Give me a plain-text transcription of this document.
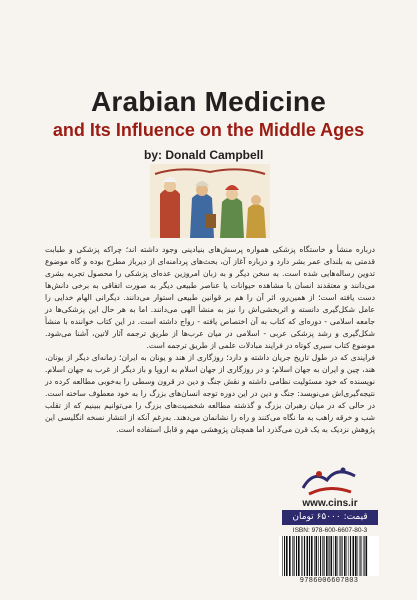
Arabian Medicine
and Its Influence on the Middle Ages
by: Donald Campbell

درباره منشأ و خاستگاه پزشکی همواره پرسش‌های بنیادینی وجود داشته‌ اند؛ چراکه پزشکی و طبابت قدمتی به بلندای عمر بشر دارد و درباره آغاز آن، بحث‌های پردامنه‌ای از دیرباز مطرح بوده و گاه موضوع تدوین رساله‌هایی شده است. به سخن دیگر و به زبان امروزین عده‌ای پزشکی را محصول تجربه بشری می‌دانند و معتقدند انسان با مشاهده حیوانات یا عناصر طبیعی دیگر به صورت اتفاقی به برخی دانش‌ها دست یافته است؛ از همین‌رو، اثر آن را هم بر قوانین طبیعی استوار می‌دانند. دیگرانی الهام خدایی را عامل شکل‌گیری دانسته و اثربخشی‌اش را نیز به منشأ الهی می‌دانند. اما به هر حال این پزشکی‌ها در جامعه اسلامی - دوره‌ای که کتاب به آن اختصاص یافته - رواج داشته است. در این کتاب خواننده با منشأ شکل‌گیری و رشد پزشکی عربی - اسلامی در میان عرب‌ها از طریق ترجمه آثار لاتین، آشنا می‌شود. موضوع کتاب سیری کوتاه در فرایند مبادلات علمی از طریق ترجمه است.

فرایندی که در طول تاریخ جریان داشته و دارد؛ روزگاری از هند و یونان به ایران؛ زمانه‌ای دیگر از یونان، هند، چین و ایران به جهان اسلام؛ و در روزگاری از جهان اسلام به اروپا و باز دیگر از غرب به جهان اسلام. نویسنده که خود مسئولیت نظامی داشته و نقش جنگ و دین در قرون وسطی را به‌خوبی مطالعه کرده در نتیجه‌گیری‌اش می‌نویسد: جنگ و دین در این دوره توجه انسان‌های بزرگ را به خود معطوف ساخته است. در حالی که در میان رهبران بزرگ و گذشته مطالعه شخصیت‌های بزرگ را می‌توانیم ببینیم که از تقلب شب و خرقه راهب به ما نگاه می‌کنند و راه را نشانمان می‌دهند. به‌رغم آنکه از انتشار نسخه انگلیسی این پژوهش نزدیک به یک قرن می‌گذرد اما همچنان پژوهشی مهم و قابل استفاده است.

www.cins.ir
قیمت: ۶۵۰۰۰ تومان
ISBN: 978-600-6607-80-3
9786006607803
